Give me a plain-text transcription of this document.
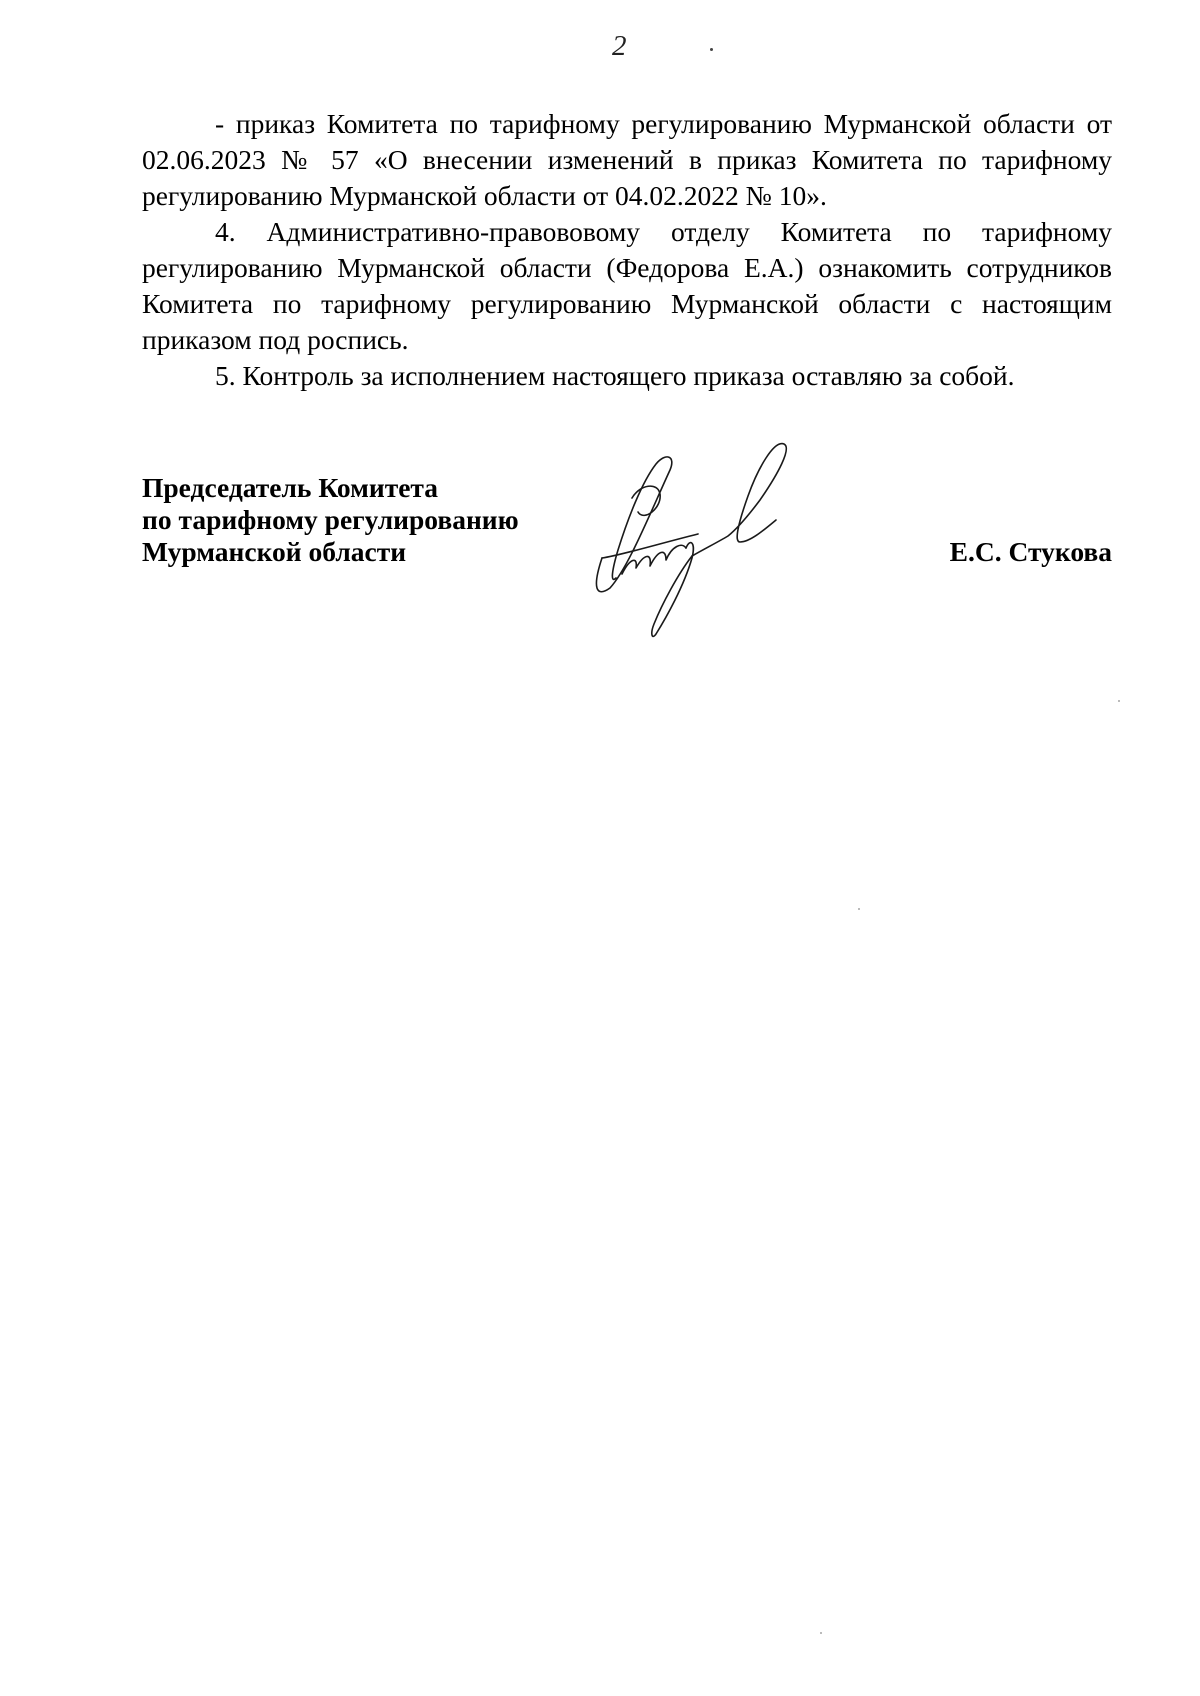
2

- приказ Комитета по тарифному регулированию Мурманской области от 02.06.2023 № 57 «О внесении изменений в приказ Комитета по тарифному регулированию Мурманской области от 04.02.2022 № 10».

4. Административно-правововому отделу Комитета по тарифному регулированию Мурманской области (Федорова Е.А.) ознакомить сотрудников Комитета по тарифному регулированию Мурманской области с настоящим приказом под роспись.

5. Контроль за исполнением настоящего приказа оставляю за собой.

Председатель Комитета
по тарифному регулированию
Мурманской области	Е.С. Стукова
